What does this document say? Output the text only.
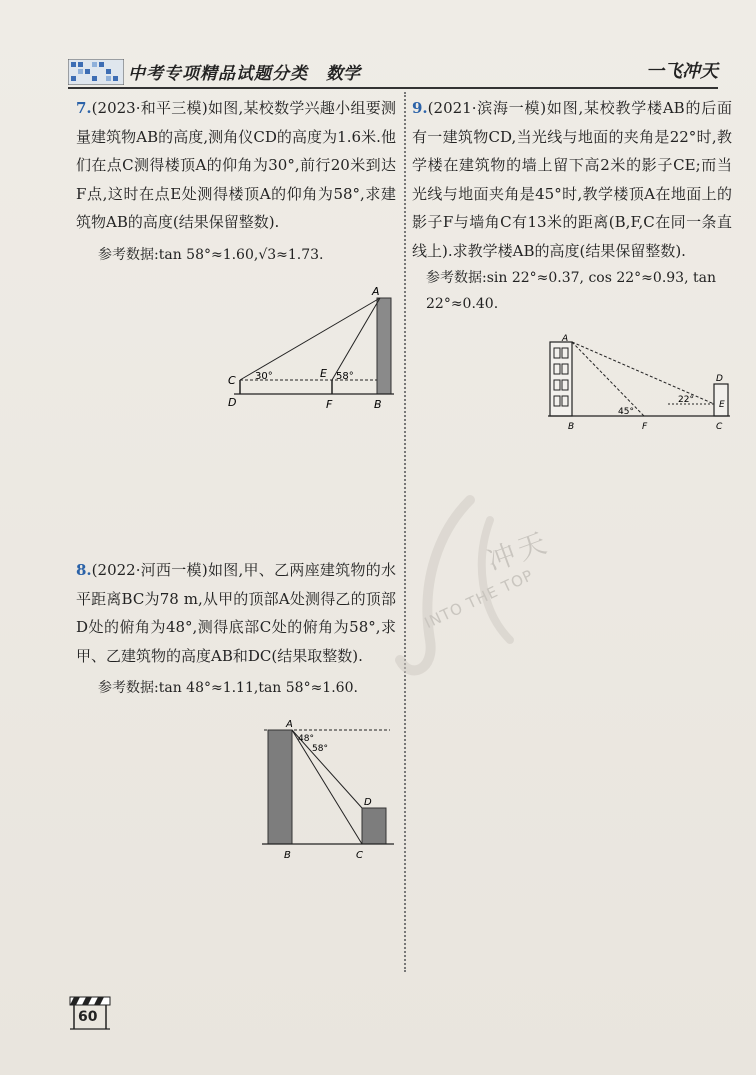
中考专项精品试题分类 数学	一飞冲天

7.(2023·和平三模)如图,某校数学兴趣小组要测量建筑物AB的高度,测角仪CD的高度为1.6米.他们在点C测得楼顶A的仰角为30°,前行20米到达F点,这时在点E处测得楼顶A的仰角为58°,求建筑物AB的高度(结果保留整数).

参考数据:tan 58°≈1.60,√3≈1.73.

A
B
C
D
E
F
30°	58°

8.(2022·河西一模)如图,甲、乙两座建筑物的水平距离BC为78 m,从甲的顶部A处测得乙的顶部D处的俯角为48°,测得底部C处的俯角为58°,求甲、乙建筑物的高度AB和DC(结果取整数).

参考数据:tan 48°≈1.11,tan 58°≈1.60.

A
B	C
D
48°
58°

9.(2021·滨海一模)如图,某校教学楼AB的后面有一建筑物CD,当光线与地面的夹角是22°时,教学楼在建筑物的墙上留下高2米的影子CE;而当光线与地面夹角是45°时,教学楼顶A在地面上的影子F与墙角C有13米的距离(B,F,C在同一条直线上).求教学楼AB的高度(结果保留整数).

参考数据:sin 22°≈0.37, cos 22°≈0.93, tan 22°≈0.40.

A
B	C
D
E
F
45°
22°
冲天
INTO THE TOP
60
